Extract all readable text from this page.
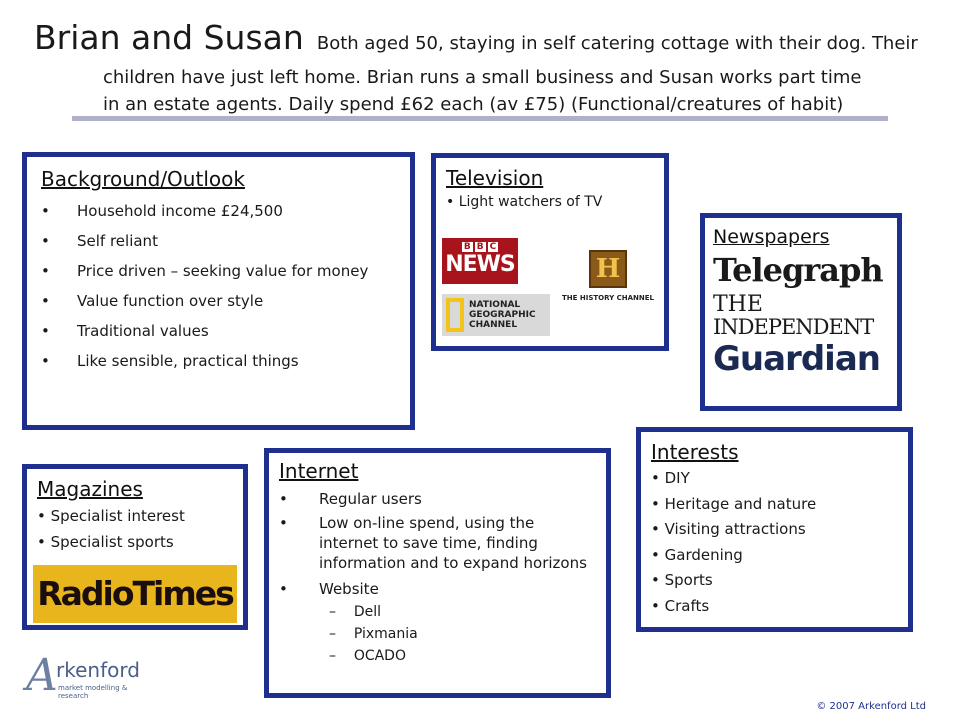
Brian and Susan Both aged 50, staying in self catering cottage with their dog. Their
children have just left home. Brian runs a small business and Susan works part time
in an estate agents. Daily spend £62 each (av £75) (Functional/creatures of habit)
Background/Outlook
• Household income £24,500
• Self reliant
• Price driven – seeking value for money
• Value function over style
• Traditional values
• Like sensible, practical things
Television
• Light watchers of TV
B B C
NEWS	H
THE HISTORY CHANNEL
NATIONAL
GEOGRAPHIC
CHANNEL
Newspapers
Telegraph
THE
INDEPENDENT
Guardian
Magazines
• Specialist interest
• Specialist sports
RadioTimes
Internet
• Regular users
• Low on-line spend, using the internet to save time, finding information and to expand horizons
• Website
–    Dell
–    Pixmania
–    OCADO
Interests
• DIY
• Heritage and nature
• Visiting attractions
• Gardening
• Sports
• Crafts
A
rkenford
market modelling & research
© 2007 Arkenford Ltd
